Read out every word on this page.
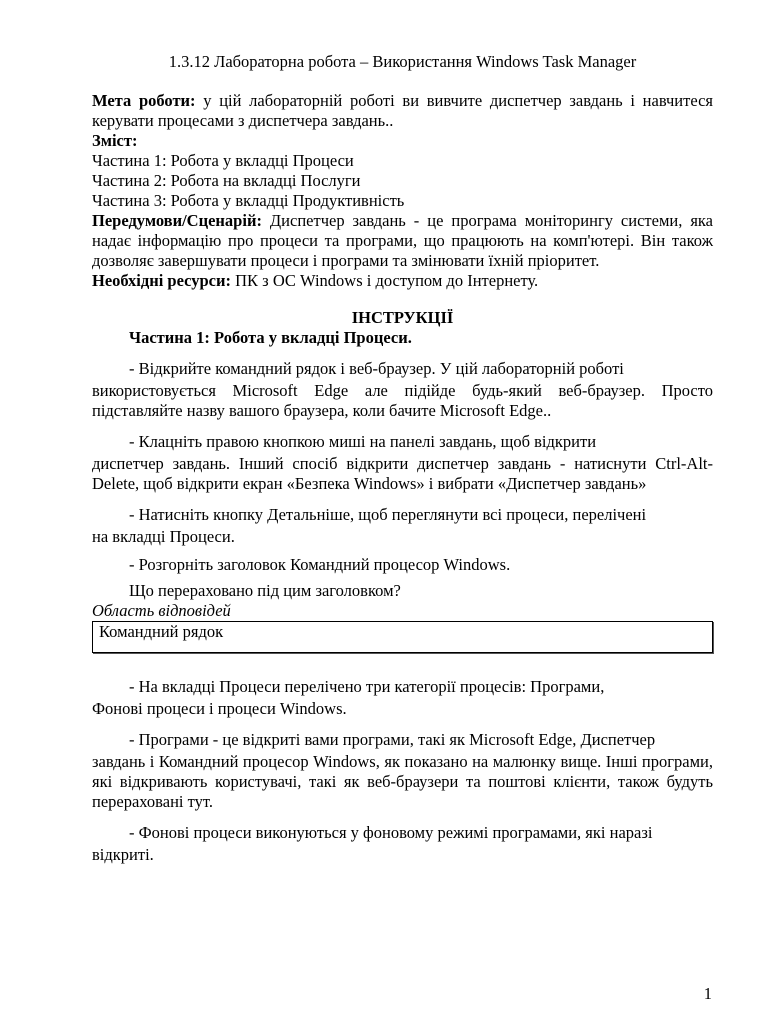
1.3.12 Лабораторна робота – Використання Windows Task Manager

Мета роботи: у цій лабораторній роботі ви вивчите диспетчер завдань і навчитеся керувати процесами з диспетчера завдань..

Зміст:

Частина 1: Робота у вкладці Процеси

Частина 2: Робота на вкладці Послуги

Частина 3: Робота у вкладці Продуктивність

Передумови/Сценарій: Диспетчер завдань - це програма моніторингу системи, яка надає інформацію про процеси та програми, що працюють на комп'ютері. Він також дозволяє завершувати процеси і програми та змінювати їхній пріоритет.

Необхідні ресурси: ПК з ОС Windows і доступом до Інтернету.

ІНСТРУКЦІЇ

Частина 1: Робота у вкладці Процеси.

- Відкрийте командний рядок і веб-браузер. У цій лабораторній роботі
використовується Microsoft Edge але підійде будь-який веб-браузер. Просто підставляйте назву вашого браузера, коли бачите Microsoft Edge..

- Клацніть правою кнопкою миші на панелі завдань, щоб відкрити
диспетчер завдань. Інший спосіб відкрити диспетчер завдань - натиснути Ctrl-Alt-Delete, щоб відкрити екран «Безпека Windows» і вибрати «Диспетчер завдань»

- Натисніть кнопку Детальніше, щоб переглянути всі процеси, перелічені
на вкладці Процеси.

- Розгорніть заголовок Командний процесор Windows.

Що перераховано під цим заголовком?

Область відповідей

Командний рядок

- На вкладці Процеси перелічено три категорії процесів: Програми,
Фонові процеси і процеси Windows.

- Програми - це відкриті вами програми, такі як Microsoft Edge, Диспетчер
завдань і Командний процесор Windows, як показано на малюнку вище. Інші програми, які відкривають користувачі, такі як веб-браузери та поштові клієнти, також будуть перераховані тут.

- Фонові процеси виконуються у фоновому режимі програмами, які наразі
відкриті.

1
